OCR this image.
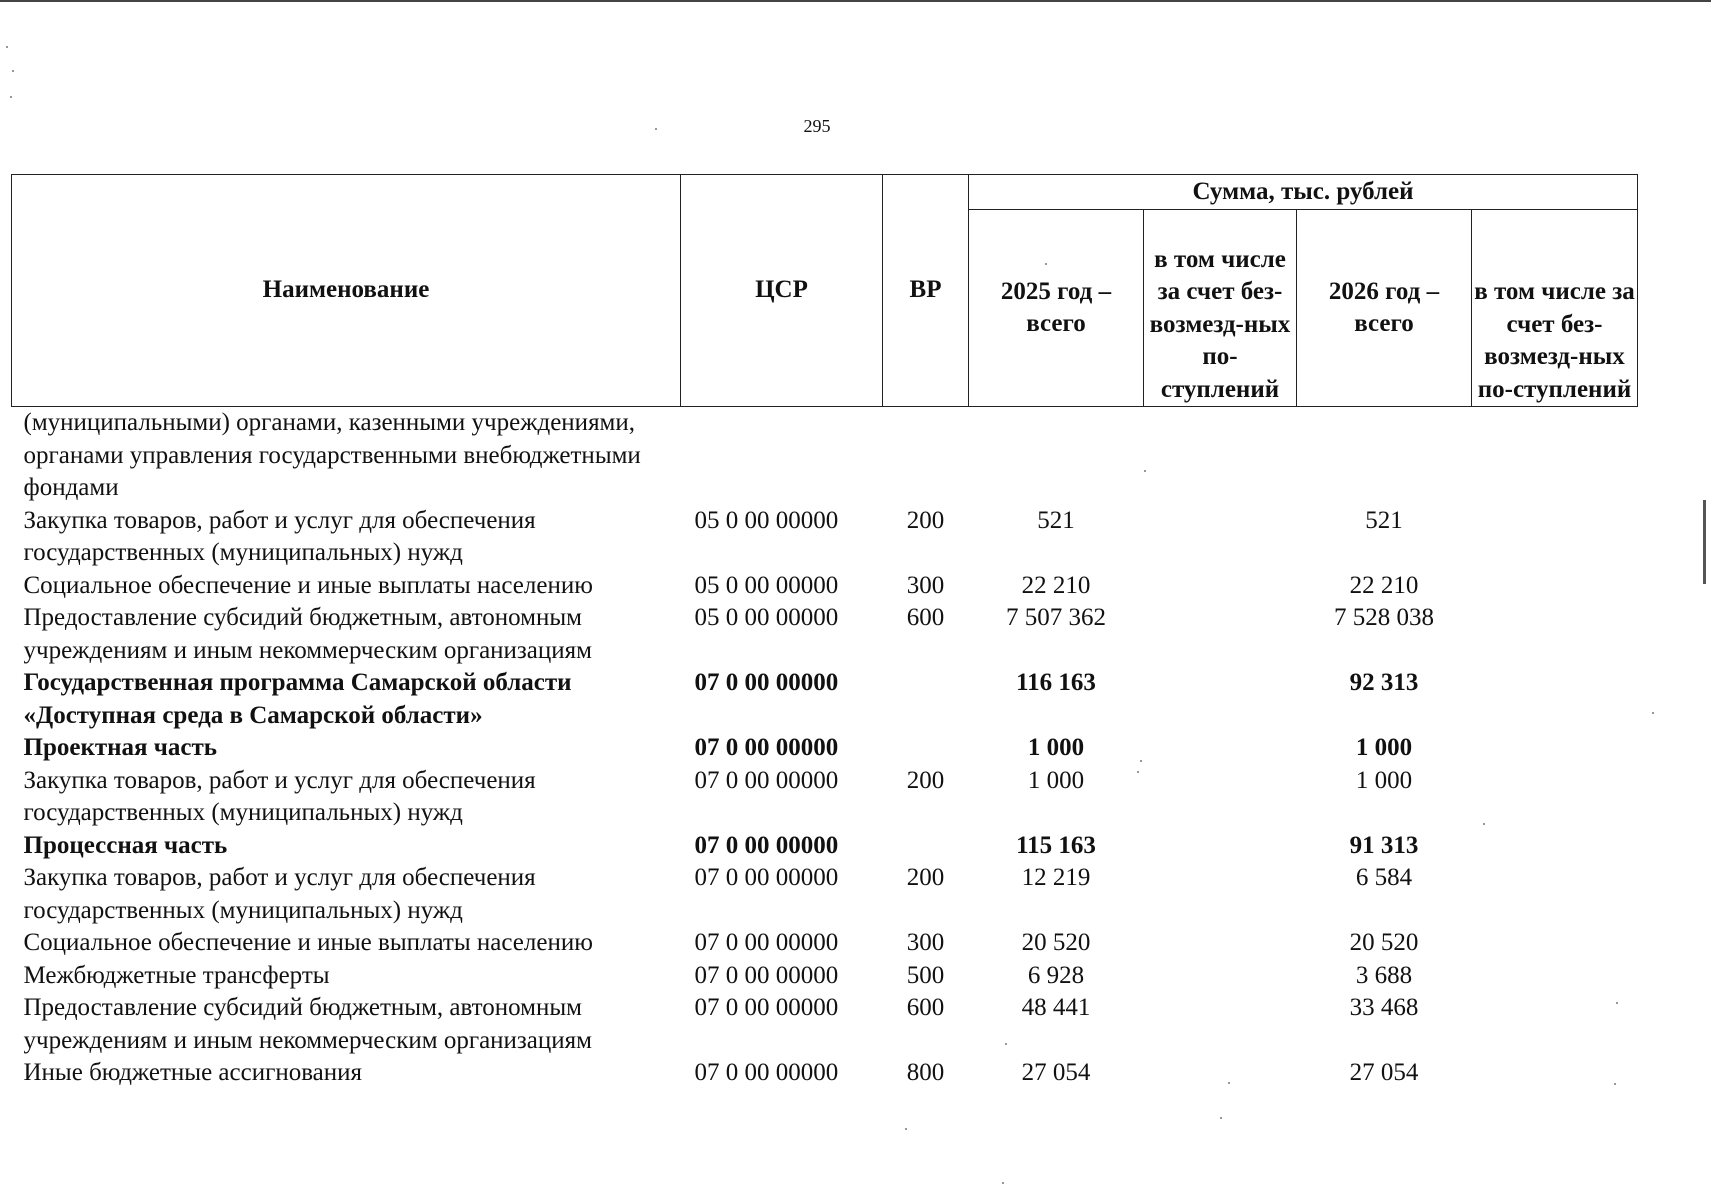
295
Наименование	ЦСР	ВР	Сумма, тыс. рублей			
			2025 год – всего	в том числе за счет без-возмезд-ных по-ступлений	2026 год – всего	в том числе за счет без-возмезд-ных по-ступлений
(муниципальными) органами, казенными учреждениями, органами управления государственными внебюджетными фондами						
Закупка товаров, работ и услуг для обеспечения государственных (муниципальных) нужд	05 0 00 00000	200	521		521	
Социальное обеспечение и иные выплаты населению	05 0 00 00000	300	22 210		22 210	
Предоставление субсидий бюджетным, автономным учреждениям и иным некоммерческим организациям	05 0 00 00000	600	7 507 362		7 528 038	
Государственная программа Самарской области «Доступная среда в Самарской области»	07 0 00 00000		116 163		92 313	
Проектная часть	07 0 00 00000		1 000		1 000	
Закупка товаров, работ и услуг для обеспечения государственных (муниципальных) нужд	07 0 00 00000	200	1 000		1 000	
Процессная часть	07 0 00 00000		115 163		91 313	
Закупка товаров, работ и услуг для обеспечения государственных (муниципальных) нужд	07 0 00 00000	200	12 219		6 584	
Социальное обеспечение и иные выплаты населению	07 0 00 00000	300	20 520		20 520	
Межбюджетные трансферты	07 0 00 00000	500	6 928		3 688	
Предоставление субсидий бюджетным, автономным учреждениям и иным некоммерческим организациям	07 0 00 00000	600	48 441		33 468	
Иные бюджетные ассигнования	07 0 00 00000	800	27 054		27 054	
